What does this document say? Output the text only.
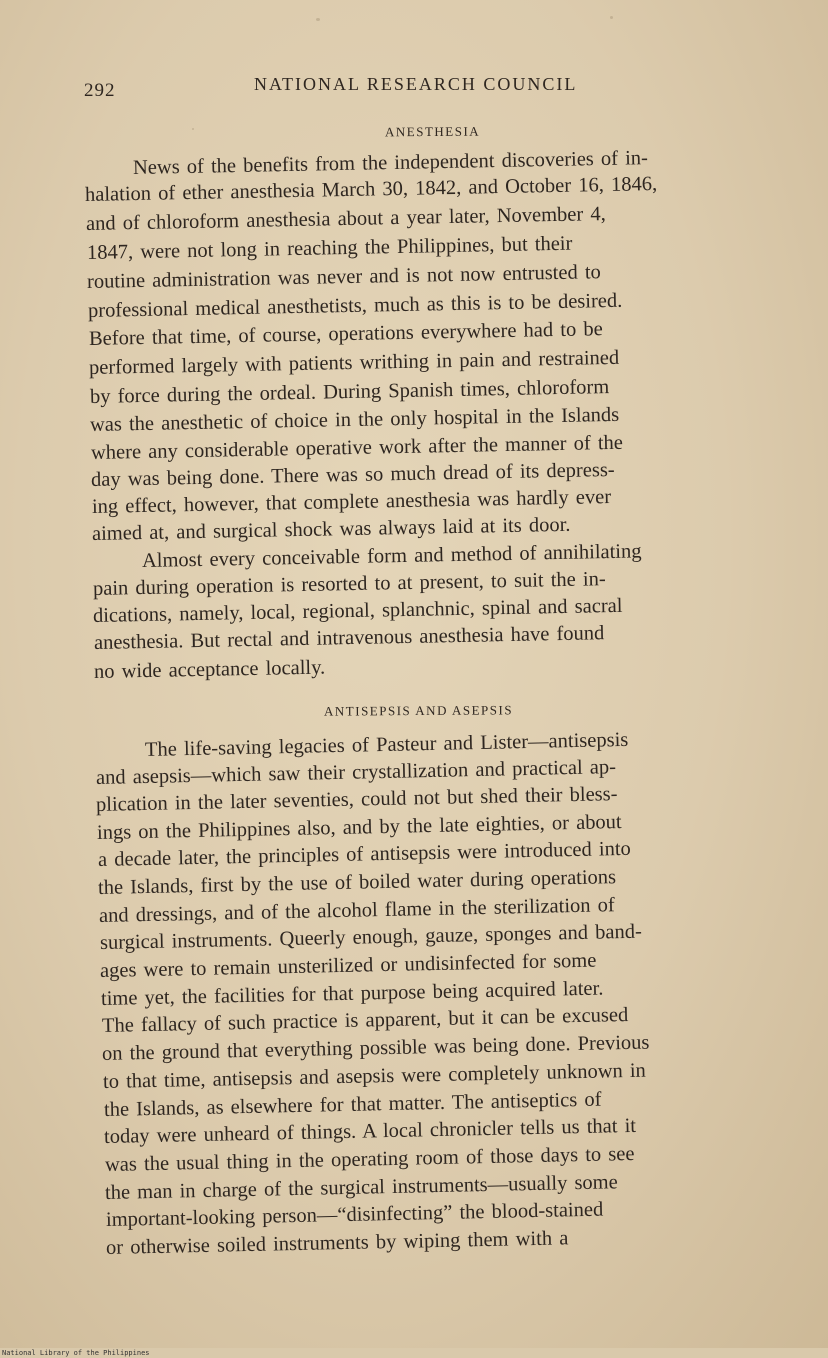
292	NATIONAL RESEARCH COUNCIL
ANESTHESIA
News of the benefits from the independent discoveries of in-
halation of ether anesthesia March 30, 1842, and October 16, 1846,
and of chloroform anesthesia about a year later, November 4,
1847, were not long in reaching the Philippines, but their
routine administration was never and is not now entrusted to
professional medical anesthetists, much as this is to be desired.
Before that time, of course, operations everywhere had to be
performed largely with patients writhing in pain and restrained
by force during the ordeal. During Spanish times, chloroform
was the anesthetic of choice in the only hospital in the Islands
where any considerable operative work after the manner of the
day was being done. There was so much dread of its depress-
ing effect, however, that complete anesthesia was hardly ever
aimed at, and surgical shock was always laid at its door.
Almost every conceivable form and method of annihilating
pain during operation is resorted to at present, to suit the in-
dications, namely, local, regional, splanchnic, spinal and sacral
anesthesia. But rectal and intravenous anesthesia have found
no wide acceptance locally.
ANTISEPSIS AND ASEPSIS
The life-saving legacies of Pasteur and Lister—antisepsis
and asepsis—which saw their crystallization and practical ap-
plication in the later seventies, could not but shed their bless-
ings on the Philippines also, and by the late eighties, or about
a decade later, the principles of antisepsis were introduced into
the Islands, first by the use of boiled water during operations
and dressings, and of the alcohol flame in the sterilization of
surgical instruments. Queerly enough, gauze, sponges and band-
ages were to remain unsterilized or undisinfected for some
time yet, the facilities for that purpose being acquired later.
The fallacy of such practice is apparent, but it can be excused
on the ground that everything possible was being done. Previous
to that time, antisepsis and asepsis were completely unknown in
the Islands, as elsewhere for that matter. The antiseptics of
today were unheard of things. A local chronicler tells us that it
was the usual thing in the operating room of those days to see
the man in charge of the surgical instruments—usually some
important-looking person—“disinfecting” the blood-stained
or otherwise soiled instruments by wiping them with a
National Library of the Philippines
